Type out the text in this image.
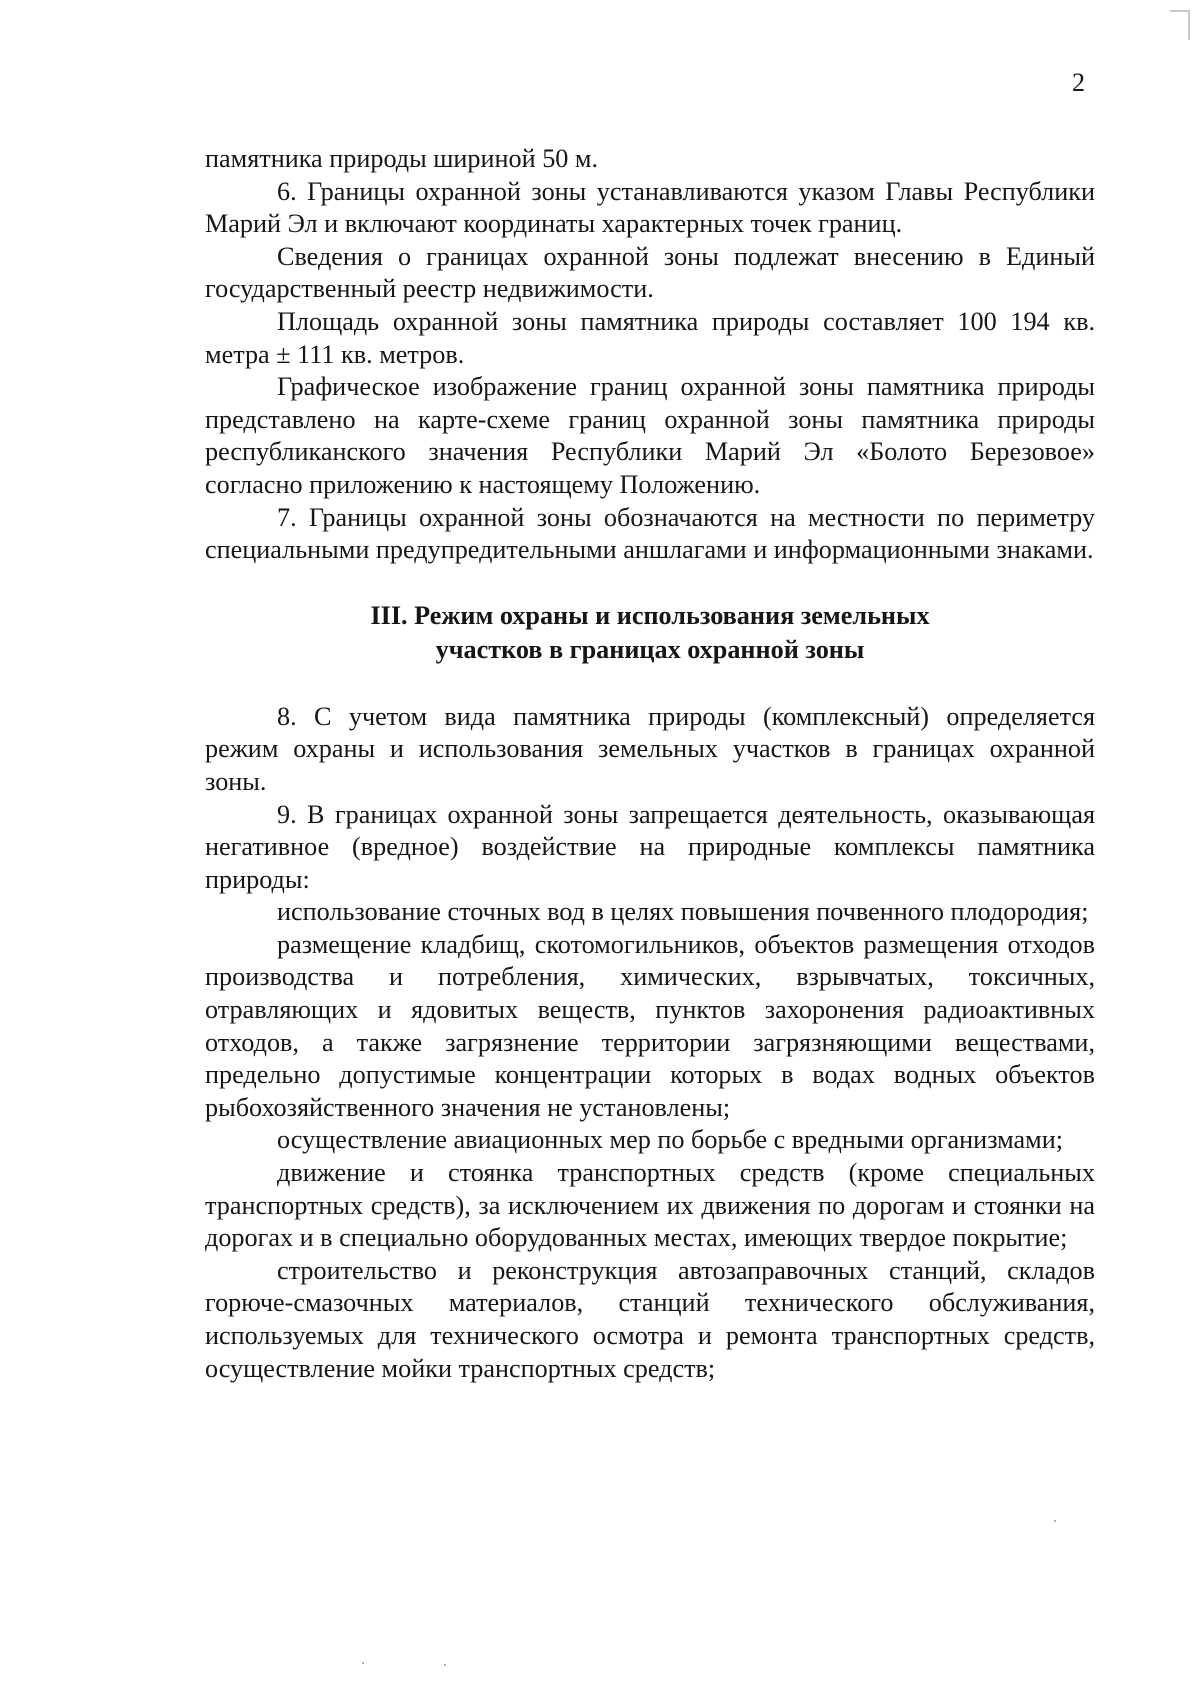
2

памятника природы шириной 50 м.

6. Границы охранной зоны устанавливаются указом Главы Республики Марий Эл и включают координаты характерных точек границ.

Сведения о границах охранной зоны подлежат внесению в Единый государственный реестр недвижимости.

Площадь охранной зоны памятника природы составляет 100 194 кв. метра ± 111 кв. метров.

Графическое изображение границ охранной зоны памятника природы представлено на карте-схеме границ охранной зоны памятника природы республиканского значения Республики Марий Эл «Болото Березовое» согласно приложению к настоящему Положению.

7. Границы охранной зоны обозначаются на местности по периметру специальными предупредительными аншлагами и информационными знаками.

III. Режим охраны и использования земельных
участков в границах охранной зоны

8. С учетом вида памятника природы (комплексный) определяется режим охраны и использования земельных участков в границах охранной зоны.

9. В границах охранной зоны запрещается деятельность, оказывающая негативное (вредное) воздействие на природные комплексы памятника природы:

использование сточных вод в целях повышения почвенного плодородия;

размещение кладбищ, скотомогильников, объектов размещения отходов производства и потребления, химических, взрывчатых, токсичных, отравляющих и ядовитых веществ, пунктов захоронения радиоактивных отходов, а также загрязнение территории загрязняющими веществами, предельно допустимые концентрации которых в водах водных объектов рыбохозяйственного значения не установлены;

осуществление авиационных мер по борьбе с вредными организмами;

движение и стоянка транспортных средств (кроме специальных транспортных средств), за исключением их движения по дорогам и стоянки на дорогах и в специально оборудованных местах, имеющих твердое покрытие;

строительство и реконструкция автозаправочных станций, складов горюче-смазочных материалов, станций технического обслуживания, используемых для технического осмотра и ремонта транспортных средств, осуществление мойки транспортных средств;
